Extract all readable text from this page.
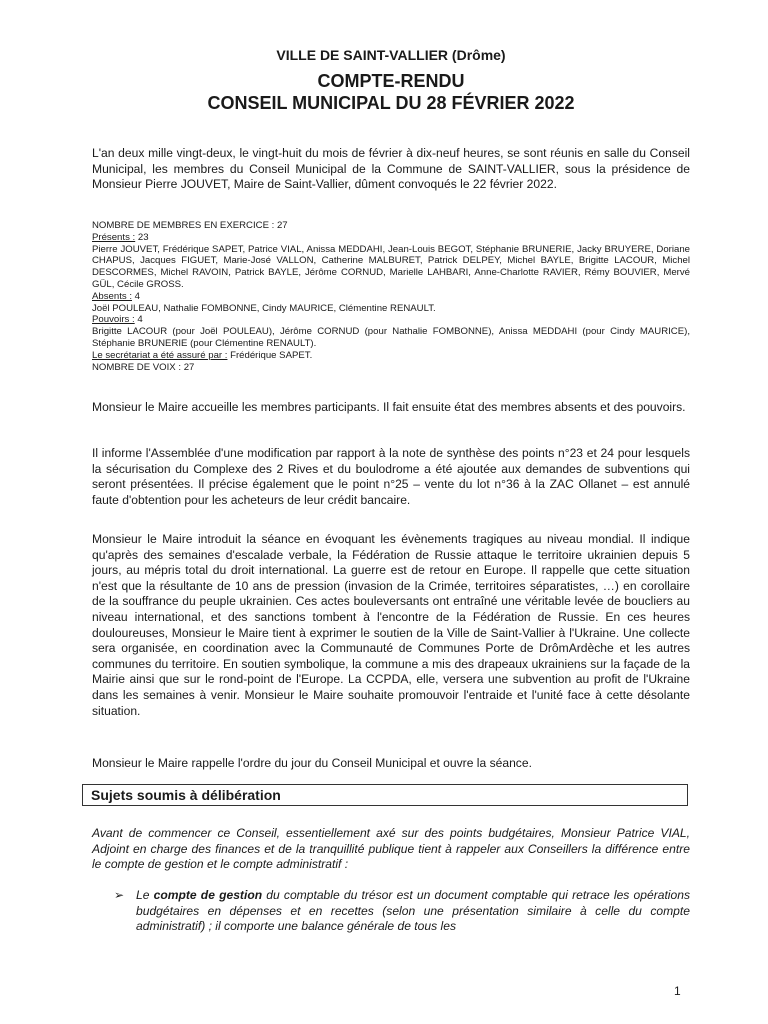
VILLE DE SAINT-VALLIER (Drôme)
COMPTE-RENDU
CONSEIL MUNICIPAL DU 28 FÉVRIER 2022
L'an deux mille vingt-deux, le vingt-huit du mois de février à dix-neuf heures, se sont réunis en salle du Conseil Municipal, les membres du Conseil Municipal de la Commune de SAINT-VALLIER, sous la présidence de Monsieur Pierre JOUVET, Maire de Saint-Vallier, dûment convoqués le 22 février 2022.
NOMBRE DE MEMBRES EN EXERCICE : 27
Présents : 23
Pierre JOUVET, Frédérique SAPET, Patrice VIAL, Anissa MEDDAHI, Jean-Louis BEGOT, Stéphanie BRUNERIE, Jacky BRUYERE, Doriane CHAPUS, Jacques FIGUET, Marie-José VALLON, Catherine MALBURET, Patrick DELPEY, Michel BAYLE, Brigitte LACOUR, Michel DESCORMES, Michel RAVOIN, Patrick BAYLE, Jérôme CORNUD, Marielle LAHBARI, Anne-Charlotte RAVIER, Rémy BOUVIER, Mervé GÜL, Cécile GROSS.
Absents : 4
Joël POULEAU, Nathalie FOMBONNE, Cindy MAURICE, Clémentine RENAULT.
Pouvoirs : 4
Brigitte LACOUR (pour Joël POULEAU), Jérôme CORNUD (pour Nathalie FOMBONNE), Anissa MEDDAHI (pour Cindy MAURICE), Stéphanie BRUNERIE (pour Clémentine RENAULT).
Le secrétariat a été assuré par : Frédérique SAPET.
NOMBRE DE VOIX : 27
Monsieur le Maire accueille les membres participants. Il fait ensuite état des membres absents et des pouvoirs.
Il informe l'Assemblée d'une modification par rapport à la note de synthèse des points n°23 et 24 pour lesquels la sécurisation du Complexe des 2 Rives et du boulodrome a été ajoutée aux demandes de subventions qui seront présentées. Il précise également que le point n°25 – vente du lot n°36 à la ZAC Ollanet – est annulé faute d'obtention pour les acheteurs de leur crédit bancaire.
Monsieur le Maire introduit la séance en évoquant les évènements tragiques au niveau mondial. Il indique qu'après des semaines d'escalade verbale, la Fédération de Russie attaque le territoire ukrainien depuis 5 jours, au mépris total du droit international. La guerre est de retour en Europe. Il rappelle que cette situation n'est que la résultante de 10 ans de pression (invasion de la Crimée, territoires séparatistes, …) en corollaire de la souffrance du peuple ukrainien. Ces actes bouleversants ont entraîné une véritable levée de boucliers au niveau international, et des sanctions tombent à l'encontre de la Fédération de Russie. En ces heures douloureuses, Monsieur le Maire tient à exprimer le soutien de la Ville de Saint-Vallier à l'Ukraine. Une collecte sera organisée, en coordination avec la Communauté de Communes Porte de DrômArdèche et les autres communes du territoire. En soutien symbolique, la commune a mis des drapeaux ukrainiens sur la façade de la Mairie ainsi que sur le rond-point de l'Europe. La CCPDA, elle, versera une subvention au profit de l'Ukraine dans les semaines à venir. Monsieur le Maire souhaite promouvoir l'entraide et l'unité face à cette désolante situation.
Monsieur le Maire rappelle l'ordre du jour du Conseil Municipal et ouvre la séance.
Sujets soumis à délibération
Avant de commencer ce Conseil, essentiellement axé sur des points budgétaires, Monsieur Patrice VIAL, Adjoint en charge des finances et de la tranquillité publique tient à rappeler aux Conseillers la différence entre le compte de gestion et le compte administratif :
➢ Le compte de gestion du comptable du trésor est un document comptable qui retrace les opérations budgétaires en dépenses et en recettes (selon une présentation similaire à celle du compte administratif) ; il comporte une balance générale de tous les
1
